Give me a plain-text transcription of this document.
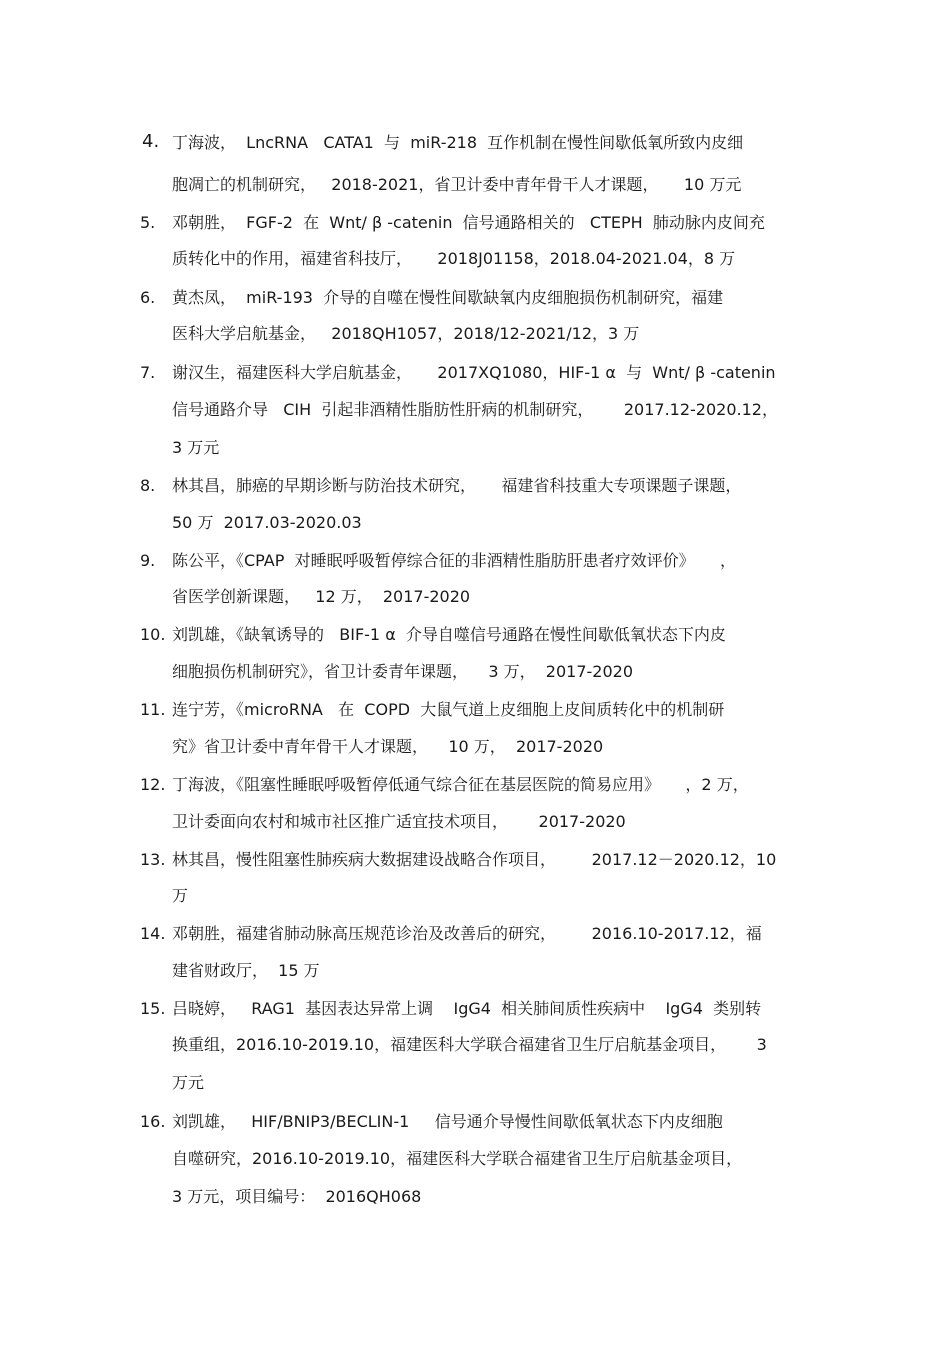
4. 丁海波，  LncRNA   CATA1  与  miR-218  互作机制在慢性间歇低氧所致内皮细
胞凋亡的机制研究，   2018-2021，省卫计委中青年骨干人才课题，     10 万元
5. 邓朝胜，  FGF-2  在  Wnt/ β -catenin  信号通路相关的   CTEPH  肺动脉内皮间充
质转化中的作用，福建省科技厅，     2018J01158，2018.04-2021.04，8 万
6. 黄杰凤，  miR-193  介导的自噬在慢性间歇缺氧内皮细胞损伤机制研究，福建
医科大学启航基金，   2018QH1057，2018/12-2021/12，3 万
7. 谢汉生，福建医科大学启航基金，     2017XQ1080，HIF-1 α  与  Wnt/ β -catenin
信号通路介导   CIH  引起非酒精性脂肪性肝病的机制研究，      2017.12-2020.12，
3 万元
8. 林其昌，肺癌的早期诊断与防治技术研究，     福建省科技重大专项课题子课题，
50 万  2017.03-2020.03
9. 陈公平，《CPAP  对睡眠呼吸暂停综合征的非酒精性脂肪肝患者疗效评价》     ，
省医学创新课题，   12 万，  2017-2020
10. 刘凯雄，《缺氧诱导的   BIF-1 α  介导自噬信号通路在慢性间歇低氧状态下内皮
细胞损伤机制研究》，省卫计委青年课题，    3 万，  2017-2020
11. 连宁芳，《microRNA   在  COPD  大鼠气道上皮细胞上皮间质转化中的机制研
究》省卫计委中青年骨干人才课题，    10 万，  2017-2020
12. 丁海波，《阻塞性睡眠呼吸暂停低通气综合征在基层医院的简易应用》     ，2 万，
卫计委面向农村和城市社区推广适宜技术项目，      2017-2020
13. 林其昌，慢性阻塞性肺疾病大数据建设战略合作项目，       2017.12－2020.12，10
万
14. 邓朝胜，福建省肺动脉高压规范诊治及改善后的研究，       2016.10-2017.12，福
建省财政厅，  15 万
15. 吕晓婷，   RAG1  基因表达异常上调    IgG4  相关肺间质性疾病中    IgG4  类别转
换重组，2016.10-2019.10，福建医科大学联合福建省卫生厅启航基金项目，      3
万元
16. 刘凯雄，   HIF/BNIP3/BECLIN-1     信号通介导慢性间歇低氧状态下内皮细胞
自噬研究，2016.10-2019.10，福建医科大学联合福建省卫生厅启航基金项目，
3 万元，项目编号：  2016QH068
